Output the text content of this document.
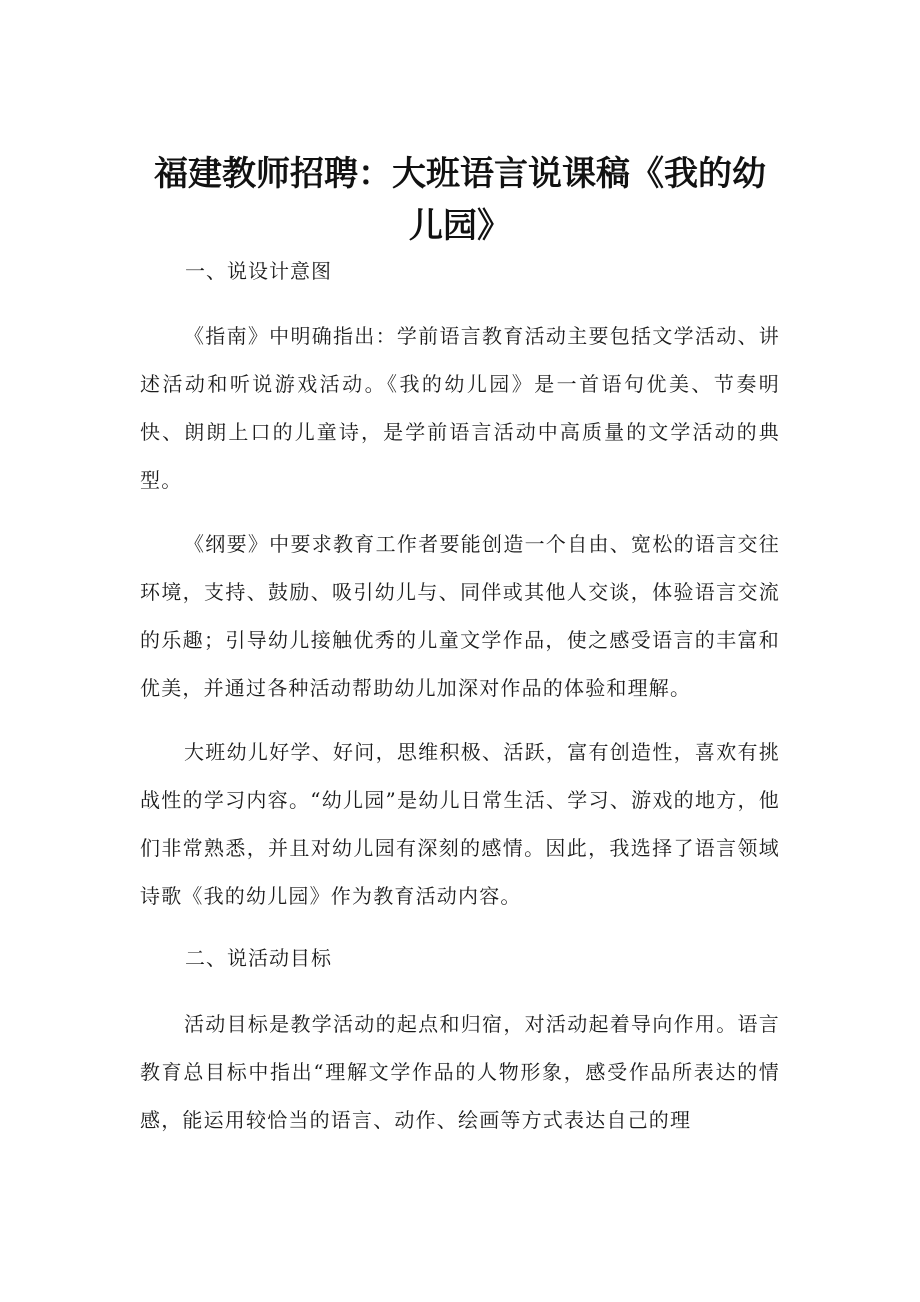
福建教师招聘：大班语言说课稿《我的幼儿园》
一、说设计意图

《指南》中明确指出：学前语言教育活动主要包括文学活动、讲述活动和听说游戏活动。《我的幼儿园》是一首语句优美、节奏明快、朗朗上口的儿童诗，是学前语言活动中高质量的文学活动的典型。

《纲要》中要求教育工作者要能创造一个自由、宽松的语言交往环境，支持、鼓励、吸引幼儿与、同伴或其他人交谈，体验语言交流的乐趣；引导幼儿接触优秀的儿童文学作品，使之感受语言的丰富和优美，并通过各种活动帮助幼儿加深对作品的体验和理解。

大班幼儿好学、好问，思维积极、活跃，富有创造性，喜欢有挑战性的学习内容。“幼儿园”是幼儿日常生活、学习、游戏的地方，他们非常熟悉，并且对幼儿园有深刻的感情。因此，我选择了语言领域诗歌《我的幼儿园》作为教育活动内容。

二、说活动目标

活动目标是教学活动的起点和归宿，对活动起着导向作用。语言教育总目标中指出“理解文学作品的人物形象，感受作品所表达的情感，能运用较恰当的语言、动作、绘画等方式表达自己的理
